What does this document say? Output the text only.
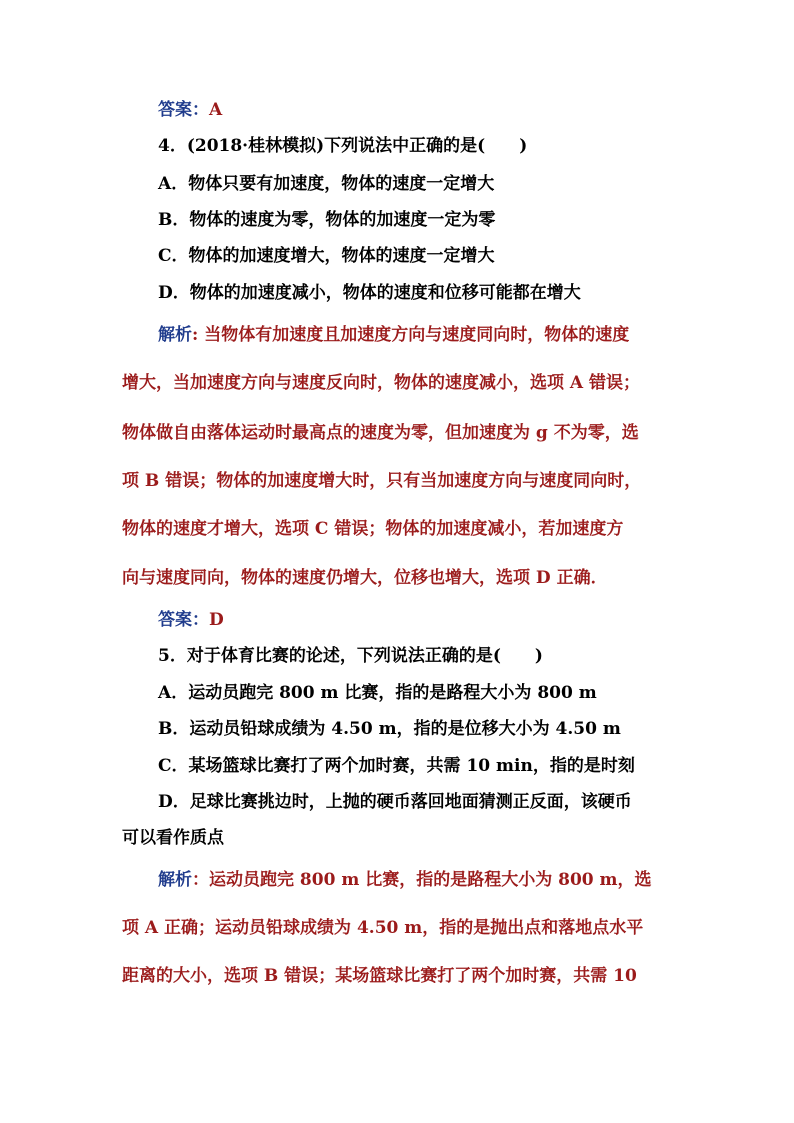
答案：A
4．(2018·桂林模拟)下列说法中正确的是(　　)
A．物体只要有加速度，物体的速度一定增大
B．物体的速度为零，物体的加速度一定为零
C．物体的加速度增大，物体的速度一定增大
D．物体的加速度减小，物体的速度和位移可能都在增大
解析: 当物体有加速度且加速度方向与速度同向时，物体的速度
增大，当加速度方向与速度反向时，物体的速度减小，选项 A 错误；
物体做自由落体运动时最高点的速度为零，但加速度为 g 不为零，选
项 B 错误；物体的加速度增大时，只有当加速度方向与速度同向时，
物体的速度才增大，选项 C 错误；物体的加速度减小，若加速度方
向与速度同向，物体的速度仍增大，位移也增大，选项 D 正确．
答案：D
5．对于体育比赛的论述，下列说法正确的是(　　)
A．运动员跑完 800 m 比赛，指的是路程大小为 800 m
B．运动员铅球成绩为 4.50 m，指的是位移大小为 4.50 m
C．某场篮球比赛打了两个加时赛，共需 10 min，指的是时刻
D．足球比赛挑边时，上抛的硬币落回地面猜测正反面，该硬币
可以看作质点
解析：运动员跑完 800 m 比赛，指的是路程大小为 800 m，选
项 A 正确；运动员铅球成绩为 4.50 m，指的是抛出点和落地点水平
距离的大小，选项 B 错误；某场篮球比赛打了两个加时赛，共需 10
